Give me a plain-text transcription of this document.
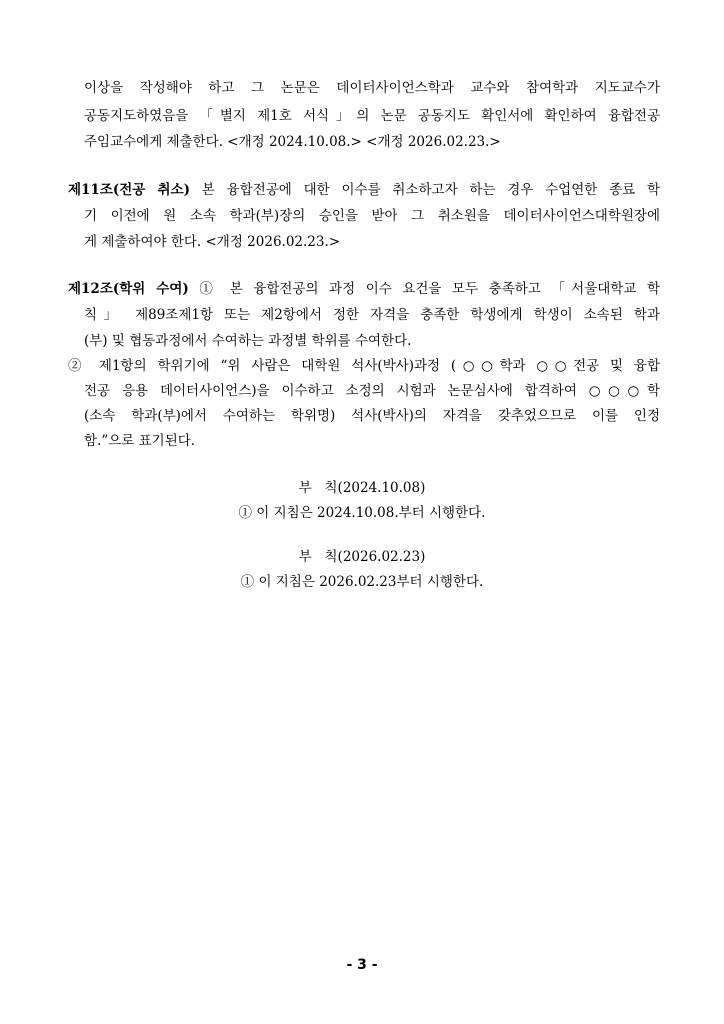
이상을 작성해야 하고 그 논문은 데이터사이언스학과 교수와 참여학과 지도교수가
공동지도하였음을 「별지 제1호 서식」의 논문 공동지도 확인서에 확인하여 융합전공
주임교수에게 제출한다. <개정 2024.10.08.> <개정 2026.02.23.>
제11조(전공 취소) 본 융합전공에 대한 이수를 취소하고자 하는 경우 수업연한 종료 학
기 이전에 원 소속 학과(부)장의 승인을 받아 그 취소원을 데이터사이언스대학원장에
게 제출하여야 한다. <개정 2026.02.23.>
제12조(학위 수여) ① 본 융합전공의 과정 이수 요건을 모두 충족하고 「서울대학교 학
칙」 제89조제1항 또는 제2항에서 정한 자격을 충족한 학생에게 학생이 소속된 학과
(부) 및 협동과정에서 수여하는 과정별 학위를 수여한다.
② 제1항의 학위기에 “위 사람은 대학원 석사(박사)과정 (○○학과 ○○전공 및 융합
전공 응용 데이터사이언스)을 이수하고 소정의 시험과 논문심사에 합격하여 ○○○학
(소속 학과(부)에서 수여하는 학위명) 석사(박사)의 자격을 갖추었으므로 이를 인정
함.”으로 표기된다.
부   칙(2024.10.08)
① 이 지침은 2024.10.08.부터 시행한다.
부   칙(2026.02.23)
① 이 지침은 2026.02.23부터 시행한다.
- 3 -
